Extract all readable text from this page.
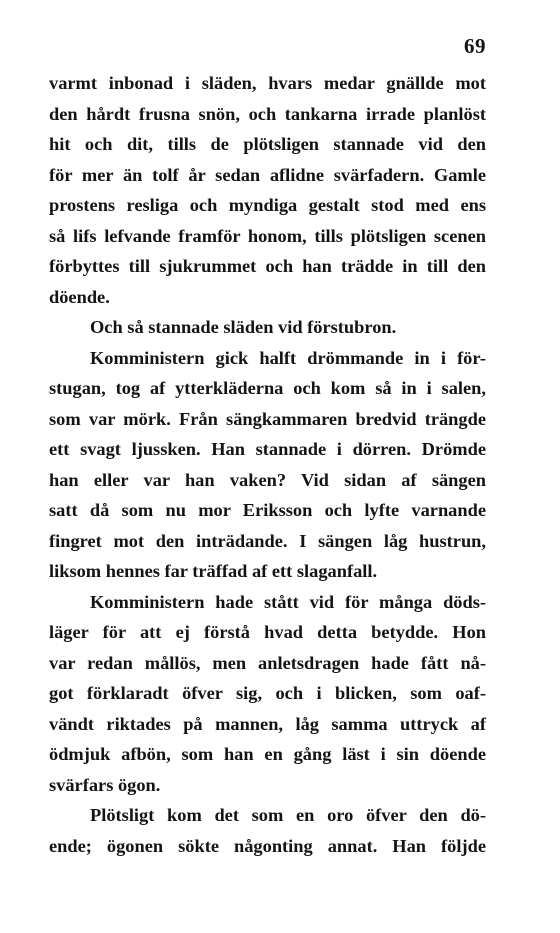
69
varmt inbonad i släden, hvars medar gnällde mot
den hårdt frusna snön, och tankarna irrade planlöst
hit och dit, tills de plötsligen stannade vid den
för mer än tolf år sedan aflidne svärfadern. Gamle
prostens resliga och myndiga gestalt stod med ens
så lifs lefvande framför honom, tills plötsligen scenen
förbyttes till sjukrummet och han trädde in till den
döende.
Och så stannade släden vid förstubron.
Komministern gick halft drömmande in i för-
stugan, tog af ytterkläderna och kom så in i salen,
som var mörk. Från sängkammaren bredvid trängde
ett svagt ljussken. Han stannade i dörren. Drömde
han eller var han vaken? Vid sidan af sängen
satt då som nu mor Eriksson och lyfte varnande
fingret mot den inträdande. I sängen låg hustrun,
liksom hennes far träffad af ett slaganfall.
Komministern hade stått vid för många döds-
läger för att ej förstå hvad detta betydde. Hon
var redan mållös, men anletsdragen hade fått nå-
got förklaradt öfver sig, och i blicken, som oaf-
vändt riktades på mannen, låg samma uttryck af
ödmjuk afbön, som han en gång läst i sin döende
svärfars ögon.
Plötsligt kom det som en oro öfver den dö-
ende; ögonen sökte någonting annat. Han följde
